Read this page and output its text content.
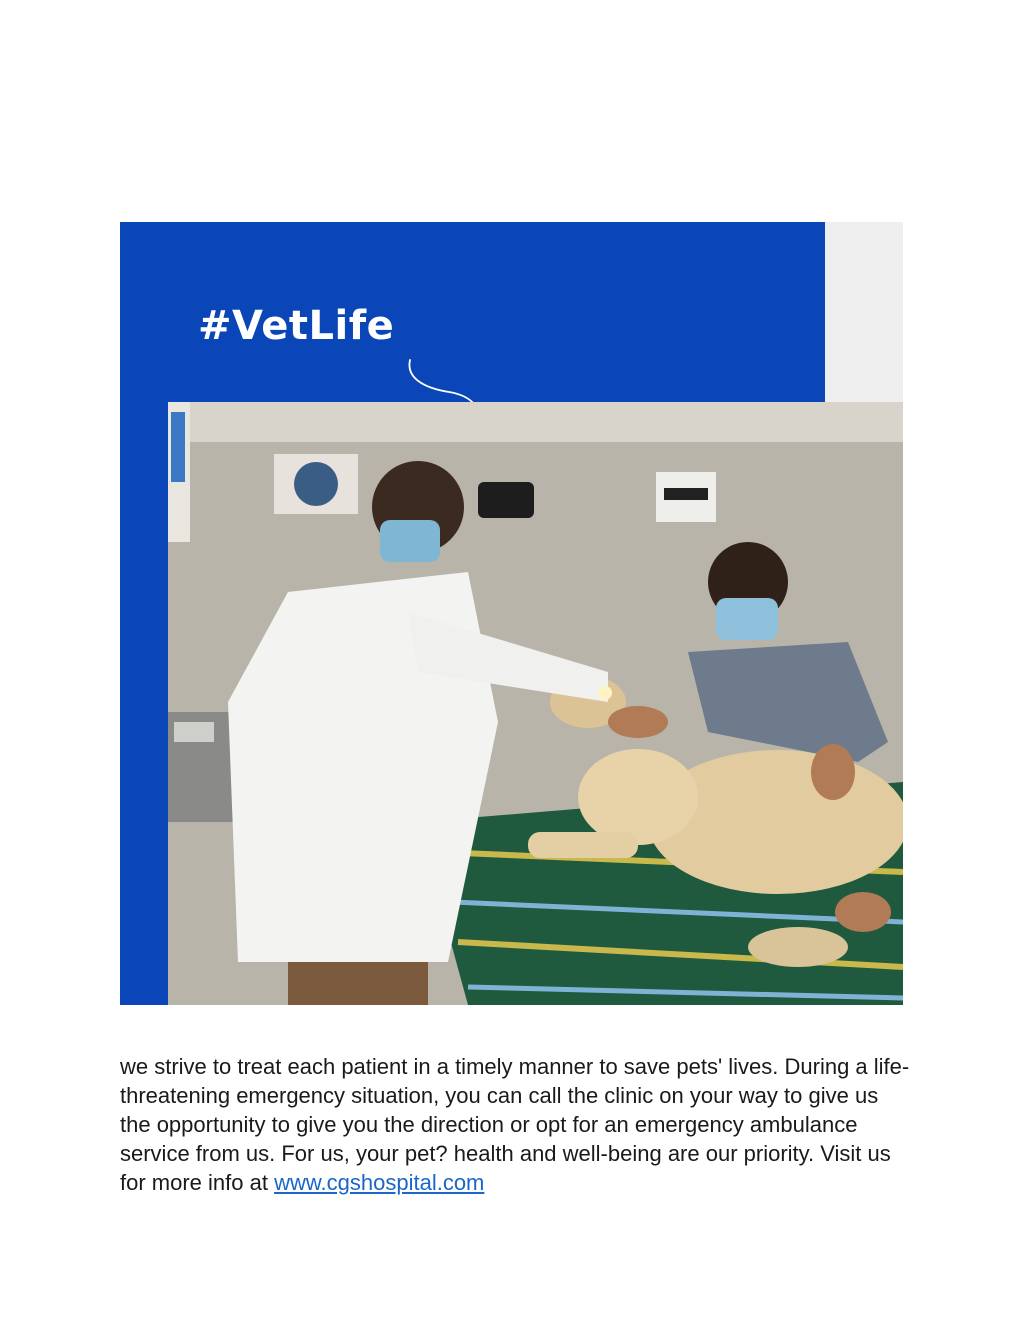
#VetLife

we strive to treat each patient in a timely manner to save pets' lives. During a life-threatening emergency situation, you can call the clinic on your way to give us the opportunity to give you the direction or opt for an emergency ambulance service from us. For us, your pet? health and well-being are our priority. Visit us for more info at www.cgshospital.com
